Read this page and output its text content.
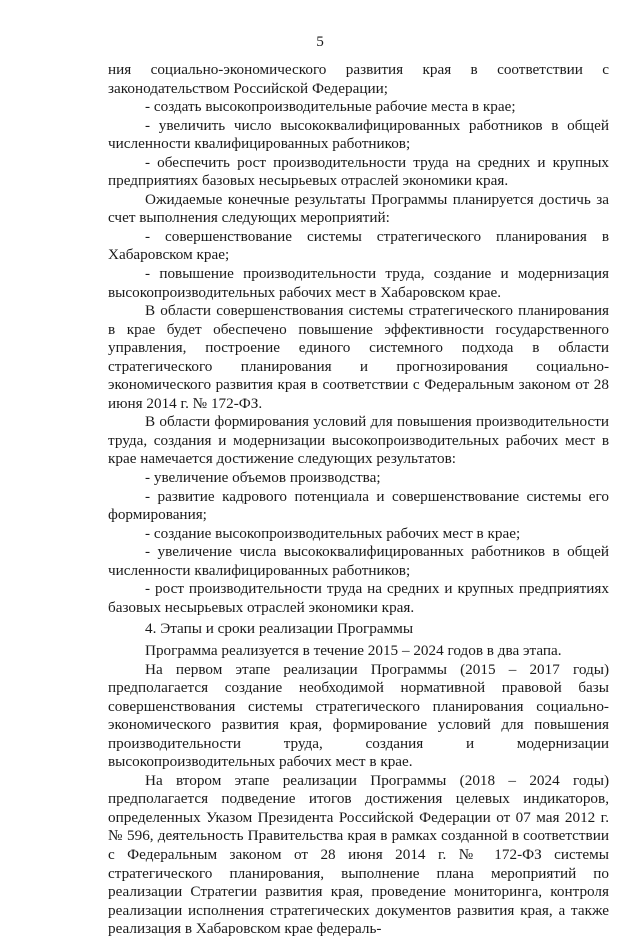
5

ния социально-экономического развития края в соответствии с законодательством Российской Федерации;

- создать высокопроизводительные рабочие места в крае;

- увеличить число высококвалифицированных работников в общей численности квалифицированных работников;

- обеспечить рост производительности труда на средних и крупных предприятиях базовых несырьевых отраслей экономики края.

Ожидаемые конечные результаты Программы планируется достичь за счет выполнения следующих мероприятий:

- совершенствование системы стратегического планирования в Хабаровском крае;

- повышение производительности труда, создание и модернизация высокопроизводительных рабочих мест в Хабаровском крае.

В области совершенствования системы стратегического планирования в крае будет обеспечено повышение эффективности государственного управления, построение единого системного подхода в области стратегического планирования и прогнозирования социально-экономического развития края в соответствии с Федеральным законом от 28 июня 2014 г. № 172-ФЗ.

В области формирования условий для повышения производительности труда, создания и модернизации высокопроизводительных рабочих мест в крае намечается достижение следующих результатов:

- увеличение объемов производства;

- развитие кадрового потенциала и совершенствование системы его формирования;

- создание высокопроизводительных рабочих мест в крае;

- увеличение числа высококвалифицированных работников в общей численности квалифицированных работников;

- рост производительности труда на средних и крупных предприятиях базовых несырьевых отраслей экономики края.

4. Этапы и сроки реализации Программы

Программа реализуется в течение 2015 – 2024 годов в два этапа.

На первом этапе реализации Программы (2015 – 2017 годы) предполагается создание необходимой нормативной правовой базы совершенствования системы стратегического планирования социально-экономического развития края, формирование условий для повышения производительности труда, создания и модернизации высокопроизводительных рабочих мест в крае.

На втором этапе реализации Программы (2018 – 2024 годы) предполагается подведение итогов достижения целевых индикаторов, определенных Указом Президента Российской Федерации от 07 мая 2012 г. № 596, деятельность Правительства края в рамках созданной в соответствии с Федеральным законом от 28 июня 2014 г. № 172-ФЗ системы стратегического планирования, выполнение плана мероприятий по реализации Стратегии развития края, проведение мониторинга, контроля реализации исполнения стратегических документов развития края, а также реализация в Хабаровском крае федераль-
